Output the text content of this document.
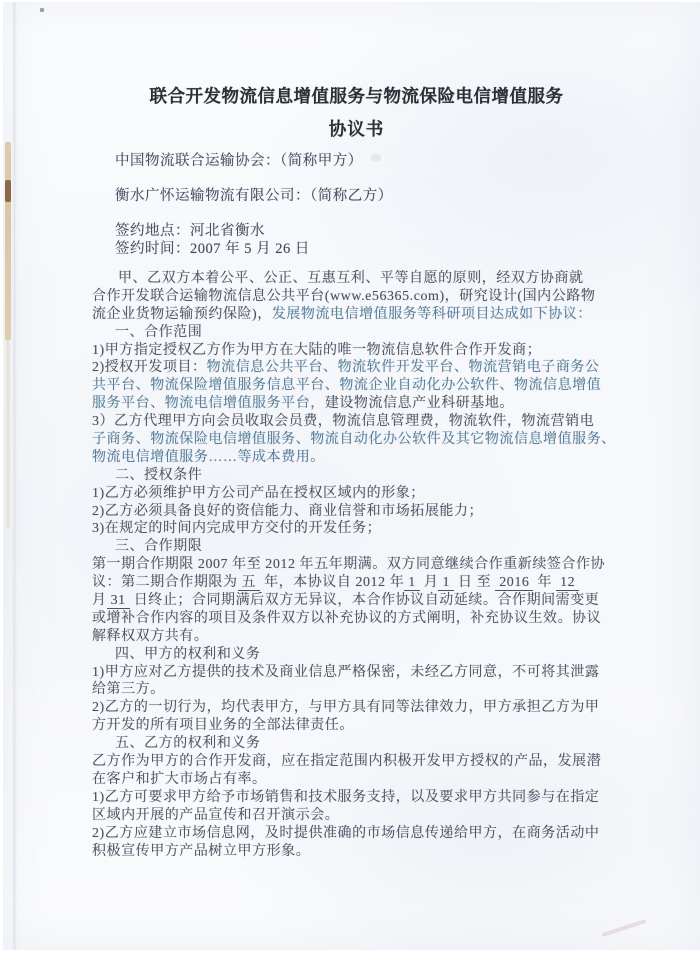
联合开发物流信息增值服务与物流保险电信增值服务
协议书
中国物流联合运输协会：（简称甲方）
衡水广怀运输物流有限公司：（简称乙方）
签约地点：河北省衡水
签约时间：2007 年 5 月 26 日
甲、乙双方本着公平、公正、互惠互利、平等自愿的原则，经双方协商就
合作开发联合运输物流信息公共平台(www.e56365.com)，研究设计(国内公路物
流企业货物运输预约保险)，发展物流电信增值服务等科研项目达成如下协议：
一、合作范围
1)甲方指定授权乙方作为甲方在大陆的唯一物流信息软件合作开发商；
2)授权开发项目：物流信息公共平台、物流软件开发平台、物流营销电子商务公
共平台、物流保险增值服务信息平台、物流企业自动化办公软件、物流信息增值
服务平台、物流电信增值服务平台，建设物流信息产业科研基地。
3）乙方代理甲方向会员收取会员费，物流信息管理费，物流软件，物流营销电
子商务、物流保险电信增值服务、物流自动化办公软件及其它物流信息增值服务、
物流电信增值服务……等成本费用。
二、授权条件
1)乙方必须维护甲方公司产品在授权区域内的形象；
2)乙方必须具备良好的资信能力、商业信誉和市场拓展能力；
3)在规定的时间内完成甲方交付的开发任务；
三、合作期限
第一期合作期限 2007 年至 2012 年五年期满。双方同意继续合作重新续签合作协
议：第二期合作期限为 五 年，本协议自 2012 年 1 月 1 日 至 2016 年 12
月 31 日终止；合同期满后双方无异议，本合作协议自动延续。合作期间需变更
或增补合作内容的项目及条件双方以补充协议的方式阐明，补充协议生效。协议
解释权双方共有。
四、甲方的权利和义务
1)甲方应对乙方提供的技术及商业信息严格保密，未经乙方同意，不可将其泄露
给第三方。
2)乙方的一切行为，均代表甲方，与甲方具有同等法律效力，甲方承担乙方为甲
方开发的所有项目业务的全部法律责任。
五、乙方的权利和义务
乙方作为甲方的合作开发商，应在指定范围内积极开发甲方授权的产品，发展潜
在客户和扩大市场占有率。
1)乙方可要求甲方给予市场销售和技术服务支持，以及要求甲方共同参与在指定
区域内开展的产品宣传和召开演示会。
2)乙方应建立市场信息网，及时提供准确的市场信息传递给甲方，在商务活动中
积极宣传甲方产品树立甲方形象。
